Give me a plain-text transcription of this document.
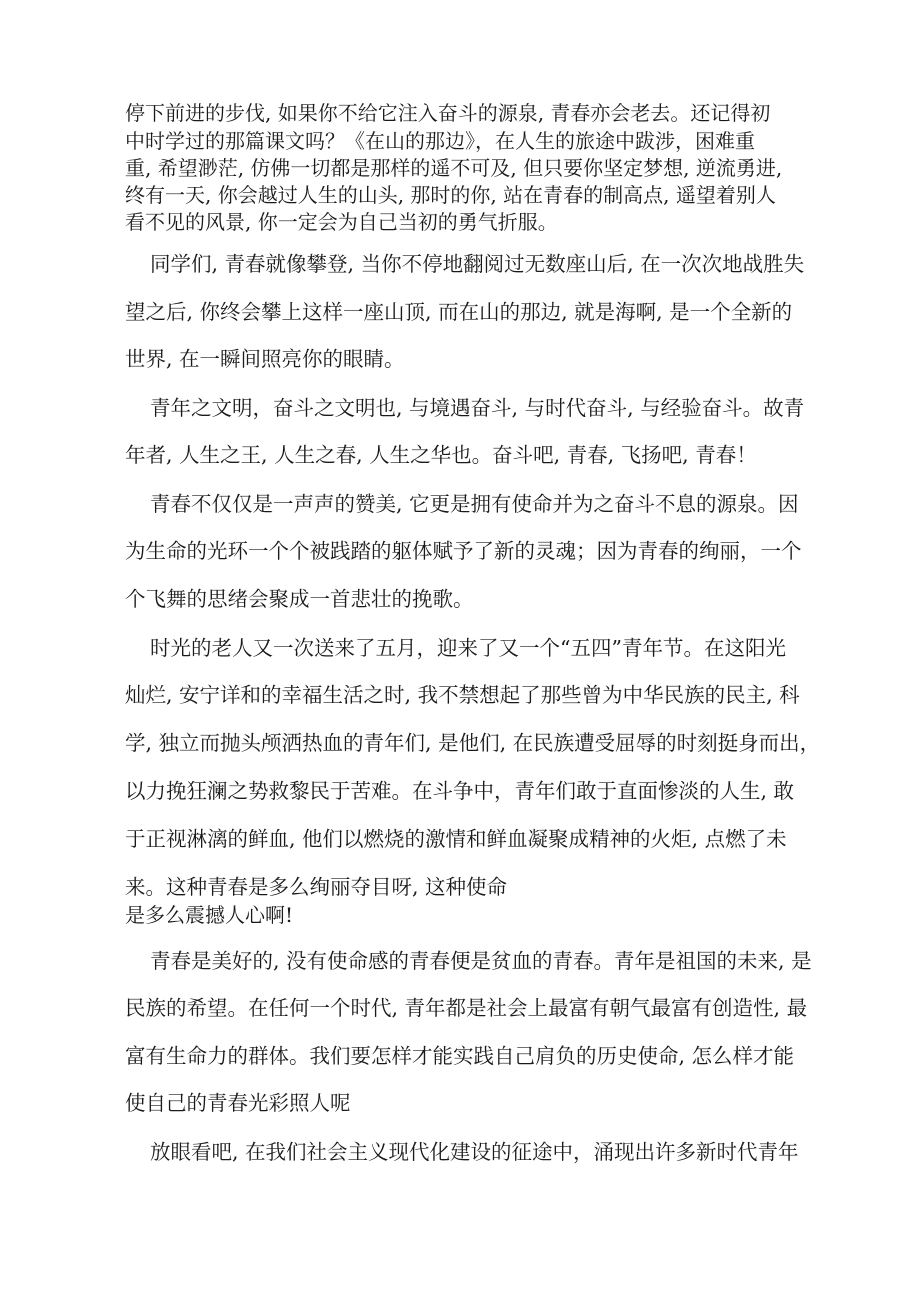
停下前进的步伐, 如果你不给它注入奋斗的源泉, 青春亦会老去。还记得初
中时学过的那篇课文吗？《在山的那边》，在人生的旅途中跋涉，困难重
重, 希望渺茫, 仿佛一切都是那样的遥不可及, 但只要你坚定梦想, 逆流勇进,
终有一天, 你会越过人生的山头, 那时的你, 站在青春的制高点, 遥望着别人
看不见的风景, 你一定会为自己当初的勇气折服。
同学们, 青春就像攀登, 当你不停地翻阅过无数座山后, 在一次次地战胜失
望之后, 你终会攀上这样一座山顶, 而在山的那边, 就是海啊, 是一个全新的
世界, 在一瞬间照亮你的眼睛。
青年之文明，奋斗之文明也, 与境遇奋斗, 与时代奋斗, 与经验奋斗。故青
年者, 人生之王, 人生之春, 人生之华也。奋斗吧, 青春, 飞扬吧, 青春！
青春不仅仅是一声声的赞美, 它更是拥有使命并为之奋斗不息的源泉。因
为生命的光环一个个被践踏的躯体赋予了新的灵魂；因为青春的绚丽，一个
个飞舞的思绪会聚成一首悲壮的挽歌。
时光的老人又一次送来了五月，迎来了又一个“五四”青年节。在这阳光
灿烂, 安宁详和的幸福生活之时, 我不禁想起了那些曾为中华民族的民主, 科
学, 独立而抛头颅洒热血的青年们, 是他们, 在民族遭受屈辱的时刻挺身而出，
以力挽狂澜之势救黎民于苦难。在斗争中，青年们敢于直面惨淡的人生, 敢
于正视淋漓的鲜血, 他们以燃烧的激情和鲜血凝聚成精神的火炬, 点燃了未
来。这种青春是多么绚丽夺目呀, 这种使命
是多么震撼人心啊!
青春是美好的, 没有使命感的青春便是贫血的青春。青年是祖国的未来, 是
民族的希望。在任何一个时代, 青年都是社会上最富有朝气最富有创造性, 最
富有生命力的群体。我们要怎样才能实践自己肩负的历史使命, 怎么样才能
使自己的青春光彩照人呢
放眼看吧, 在我们社会主义现代化建设的征途中，涌现出许多新时代青年
